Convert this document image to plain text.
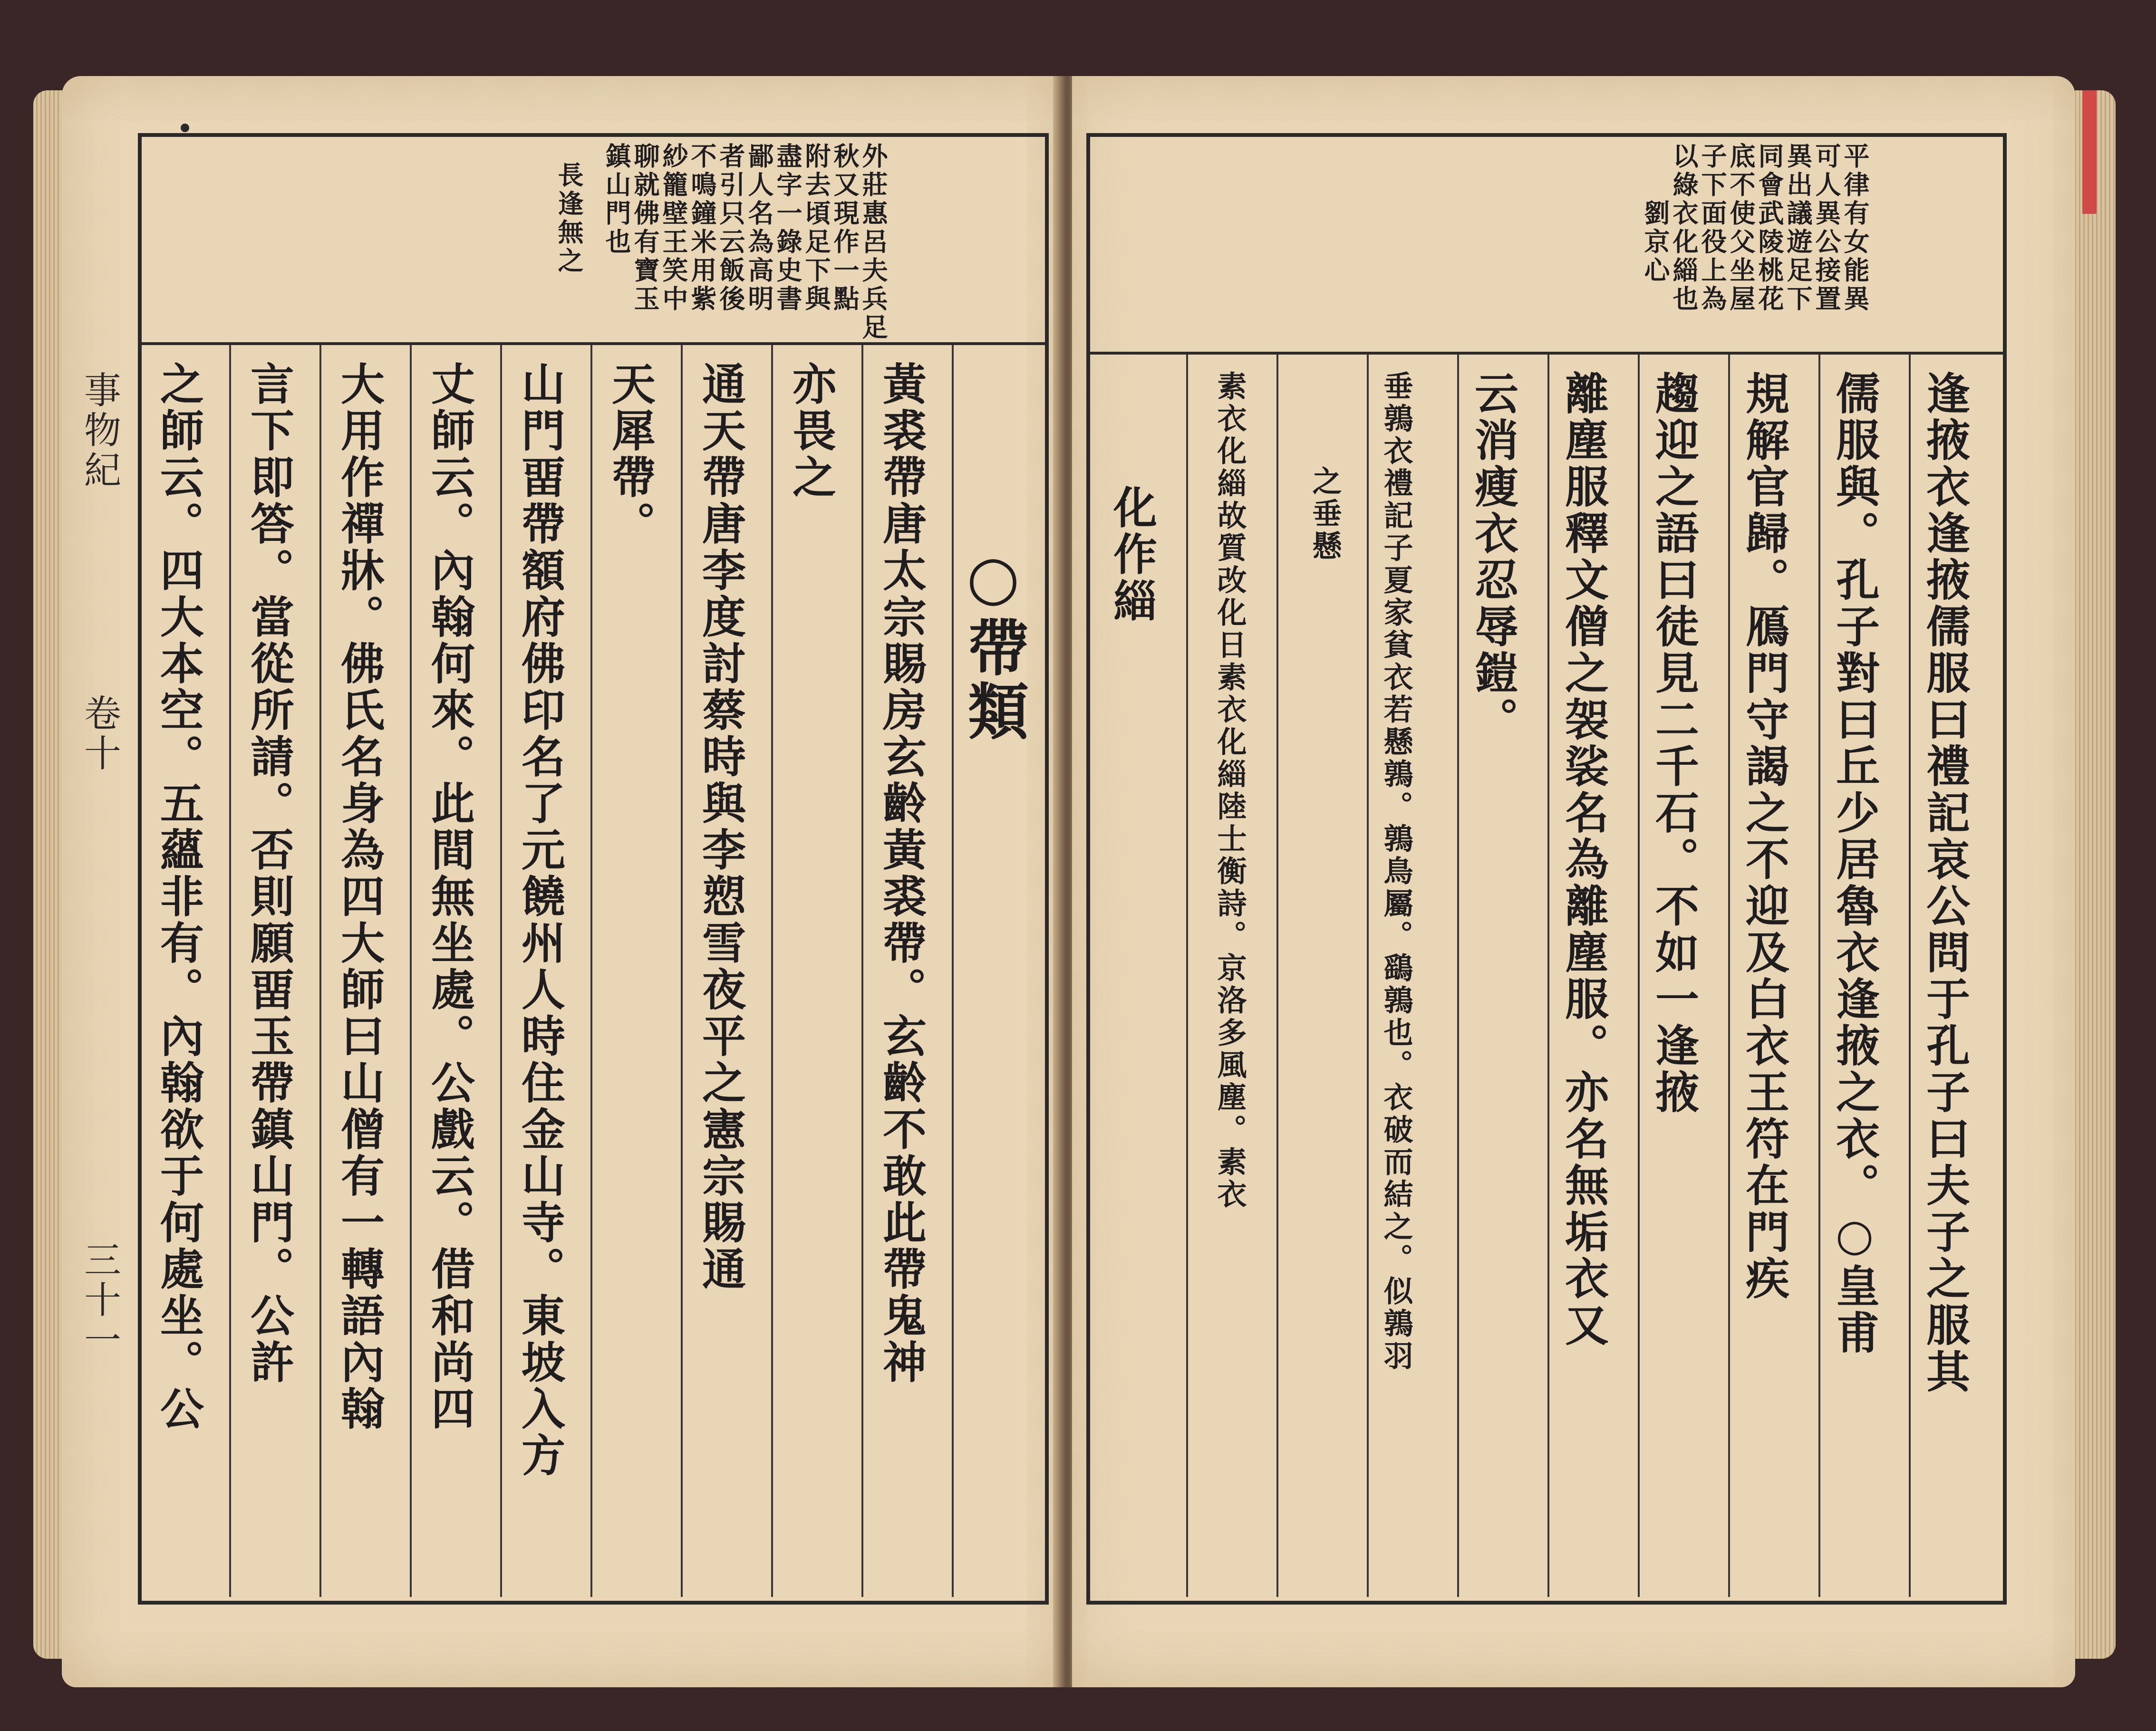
事物紀
卷十
三十一
外莊惠呂夫兵足
秋又現作一點
附去頃足下與
盡字一錄史書
鄙人名為高明
者引只云飯後
不鳴鐘米用紫
紗籠壁王笑中
聊就佛有寶玉
鎮山門也
長逢無之
○帶類
黃裘帶唐太宗賜房玄齡黃裘帶。玄齡不敢此帶鬼神
亦畏之
通天帶唐李度討蔡時與李愬雪夜平之憲宗賜通
天犀帶。
山門畱帶額府佛印名了元饒州人時住金山寺。東坡入方
丈師云。內翰何來。此間無坐處。公戲云。借和尚四
大用作禪牀。佛氏名身為四大師曰山僧有一轉語內翰
言下即答。當從所請。否則願畱玉帶鎮山門。公許
之師云。四大本空。五蘊非有。內翰欲于何處坐。公
平律有女能異
可人異公接置
異出議遊足下
同會武陵桃花
底不使父坐屋
子下面役上為
以綠衣化緇也
劉京心
逢掖衣逢掖儒服曰禮記哀公問于孔子曰夫子之服其
儒服與。孔子對曰丘少居魯衣逢掖之衣。○皇甫
規解官歸。鴈門守謁之不迎及白衣王符在門疾
趨迎之語曰徒見二千石。不如一逢掖
離塵服釋文僧之袈裟名為離塵服。亦名無垢衣又
云消瘦衣忍辱鎧。
垂鶉衣禮記子夏家貧衣若懸鶉。鶉鳥屬。鷂鶉也。衣破而結之。似鶉羽
之垂懸
素衣化緇故質改化日素衣化緇陸士衡詩。京洛多風塵。素衣
化作緇
